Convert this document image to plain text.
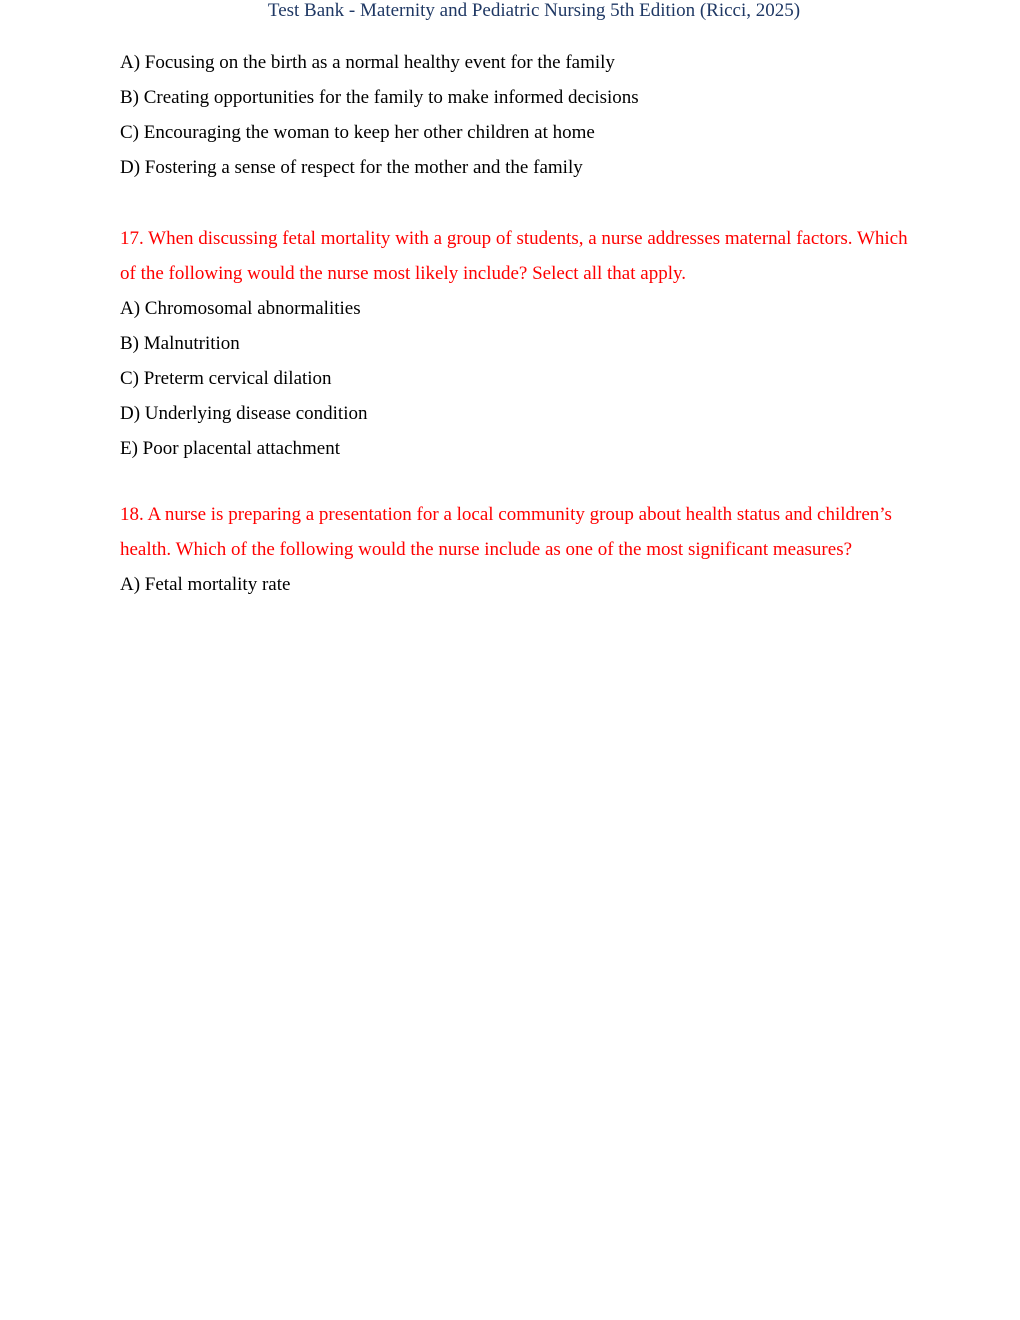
Test Bank - Maternity and Pediatric Nursing 5th Edition (Ricci, 2025)
A) Focusing on the birth as a normal healthy event for the family
B) Creating opportunities for the family to make informed decisions
C) Encouraging the woman to keep her other children at home
D) Fostering a sense of respect for the mother and the family
17. When discussing fetal mortality with a group of students, a nurse addresses maternal factors. Which of the following would the nurse most likely include? Select all that apply.
A) Chromosomal abnormalities
B) Malnutrition
C) Preterm cervical dilation
D) Underlying disease condition
E) Poor placental attachment
18. A nurse is preparing a presentation for a local community group about health status and children’s health. Which of the following would the nurse include as one of the most significant measures?
A) Fetal mortality rate
